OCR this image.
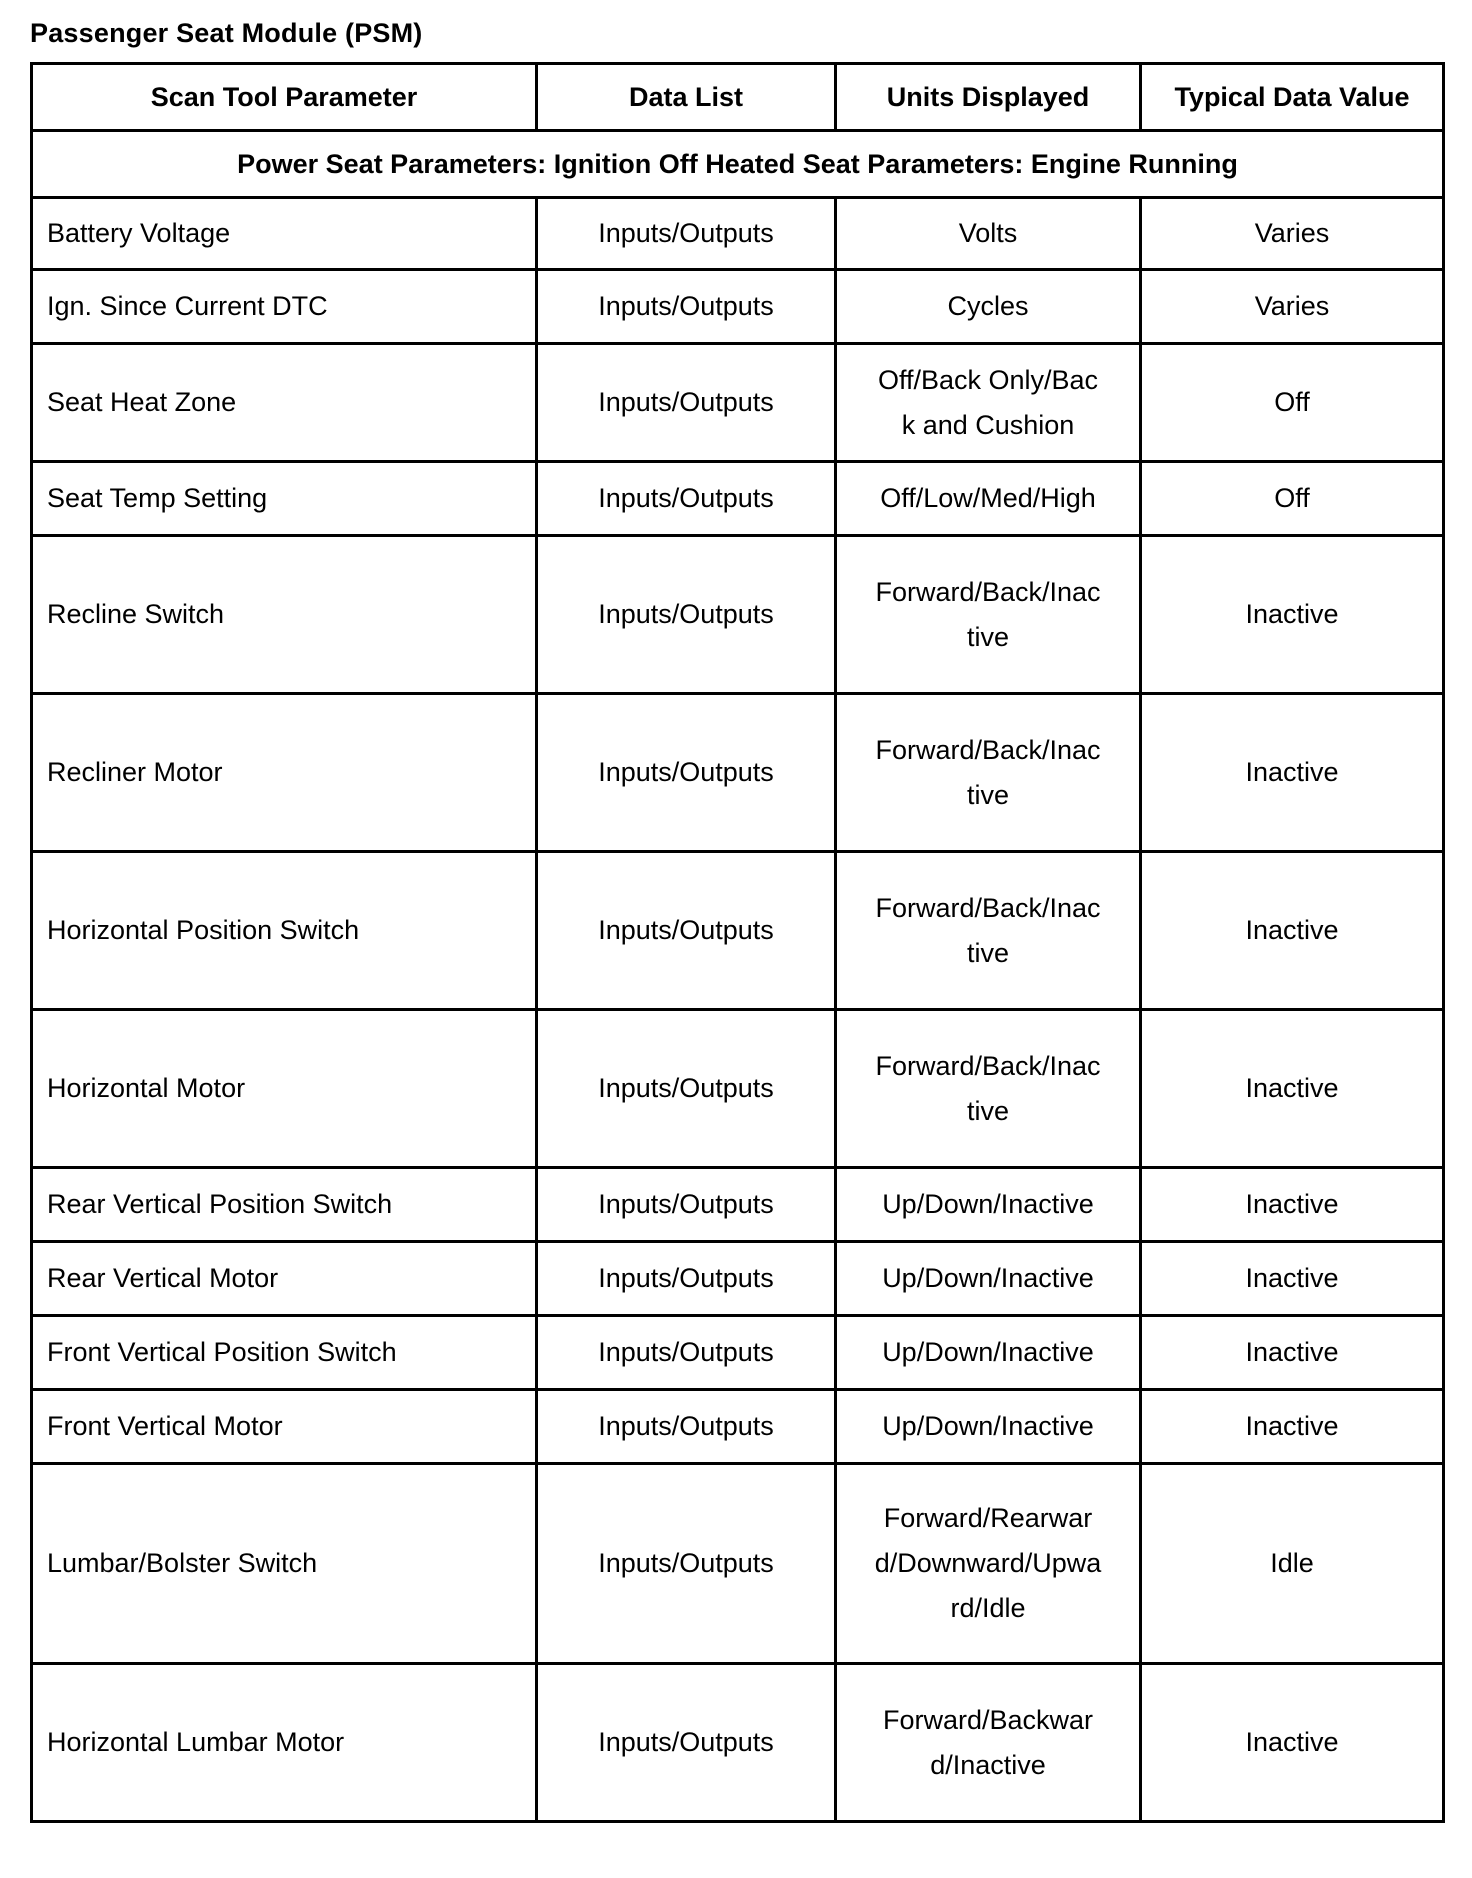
Passenger Seat Module (PSM)
Scan Tool Parameter	Data List	Units Displayed	Typical Data Value
Power Seat Parameters: Ignition Off Heated Seat Parameters: Engine Running			
Battery Voltage	Inputs/Outputs	Volts	Varies
Ign. Since Current DTC	Inputs/Outputs	Cycles	Varies
Seat Heat Zone	Inputs/Outputs	Off/Back Only/Back and Cushion	Off
Seat Temp Setting	Inputs/Outputs	Off/Low/Med/High	Off
Recline Switch	Inputs/Outputs	Forward/Back/Inactive	Inactive
Recliner Motor	Inputs/Outputs	Forward/Back/Inactive	Inactive
Horizontal Position Switch	Inputs/Outputs	Forward/Back/Inactive	Inactive
Horizontal Motor	Inputs/Outputs	Forward/Back/Inactive	Inactive
Rear Vertical Position Switch	Inputs/Outputs	Up/Down/Inactive	Inactive
Rear Vertical Motor	Inputs/Outputs	Up/Down/Inactive	Inactive
Front Vertical Position Switch	Inputs/Outputs	Up/Down/Inactive	Inactive
Front Vertical Motor	Inputs/Outputs	Up/Down/Inactive	Inactive
Lumbar/Bolster Switch	Inputs/Outputs	Forward/Rearward/Downward/Upward/Idle	Idle
Horizontal Lumbar Motor	Inputs/Outputs	Forward/Backward/Inactive	Inactive
